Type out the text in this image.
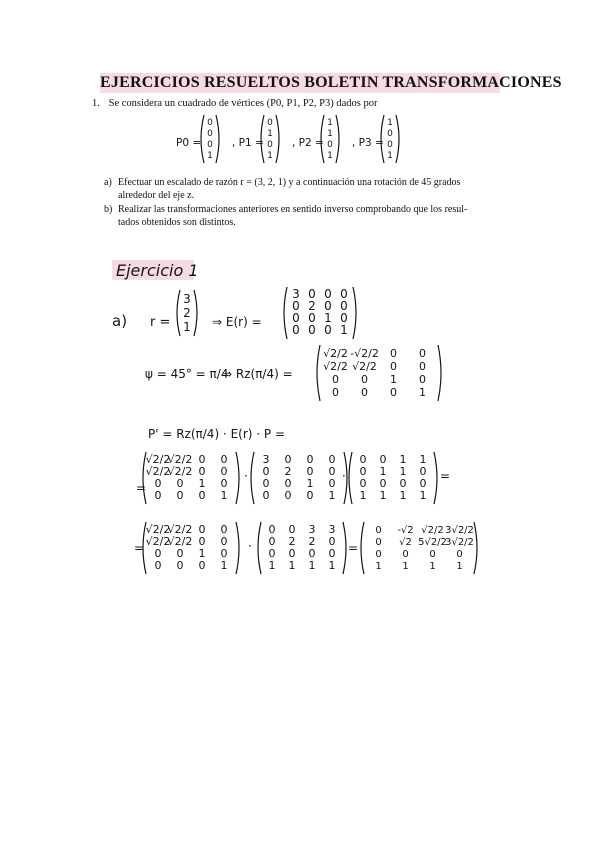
EJERCICIOS RESUELTOS BOLETIN TRANSFORMACIONES
1. Se considera un cuadrado de vértices (P0, P1, P2, P3) dados por
P0 =
0
0
0
1
, P1 =
0
1
0
1
, P2 =
1
1
0
1
, P3 =
1
0
0
1
a) Efectuar un escalado de razón r = (3, 2, 1) y a continuación una rotación de 45 grados
alrededor del eje z.
b) Realizar las transformaciones anteriores en sentido inverso comprobando que los resul-
tados obtenidos son distintos.
Ejercicio 1
a) r =
3
2
1 ⇒ E(r) =
3 0 0 0
0 2 0 0
0 0 1 0
0 0 0 1
√2/2 -√2/2 0 0
√2/2 √2/2 0 0
0 0 1 0
0 0 0 1
=
√2/2
√2/2 0 0
√2/2
√2/2 0 0
0 0 1 0
0 0 0 1
·
3 0 0 0
0 2 0 0
0 0 1 0
0 0 0 1
·
0 0 1 1
0 1 1 0
0 0 0 0
1 1 1 1
=
=
√2/2
√2/2 0 0
√2/2
√2/2 0 0
0 0 1 0
0 0 0 1
·
0 0 3 3
0 2 2 0
0 0 0 0
1 1 1 1
=
0 -√2 √2/2 3√2/2
0 √2 5√2/2
3√2/2
0 0 0 0
1 1 1 1
ψ = 45° = π/4
⇒ Rz(π/4) =
P' = Rz(π/4) · E(r) · P =
